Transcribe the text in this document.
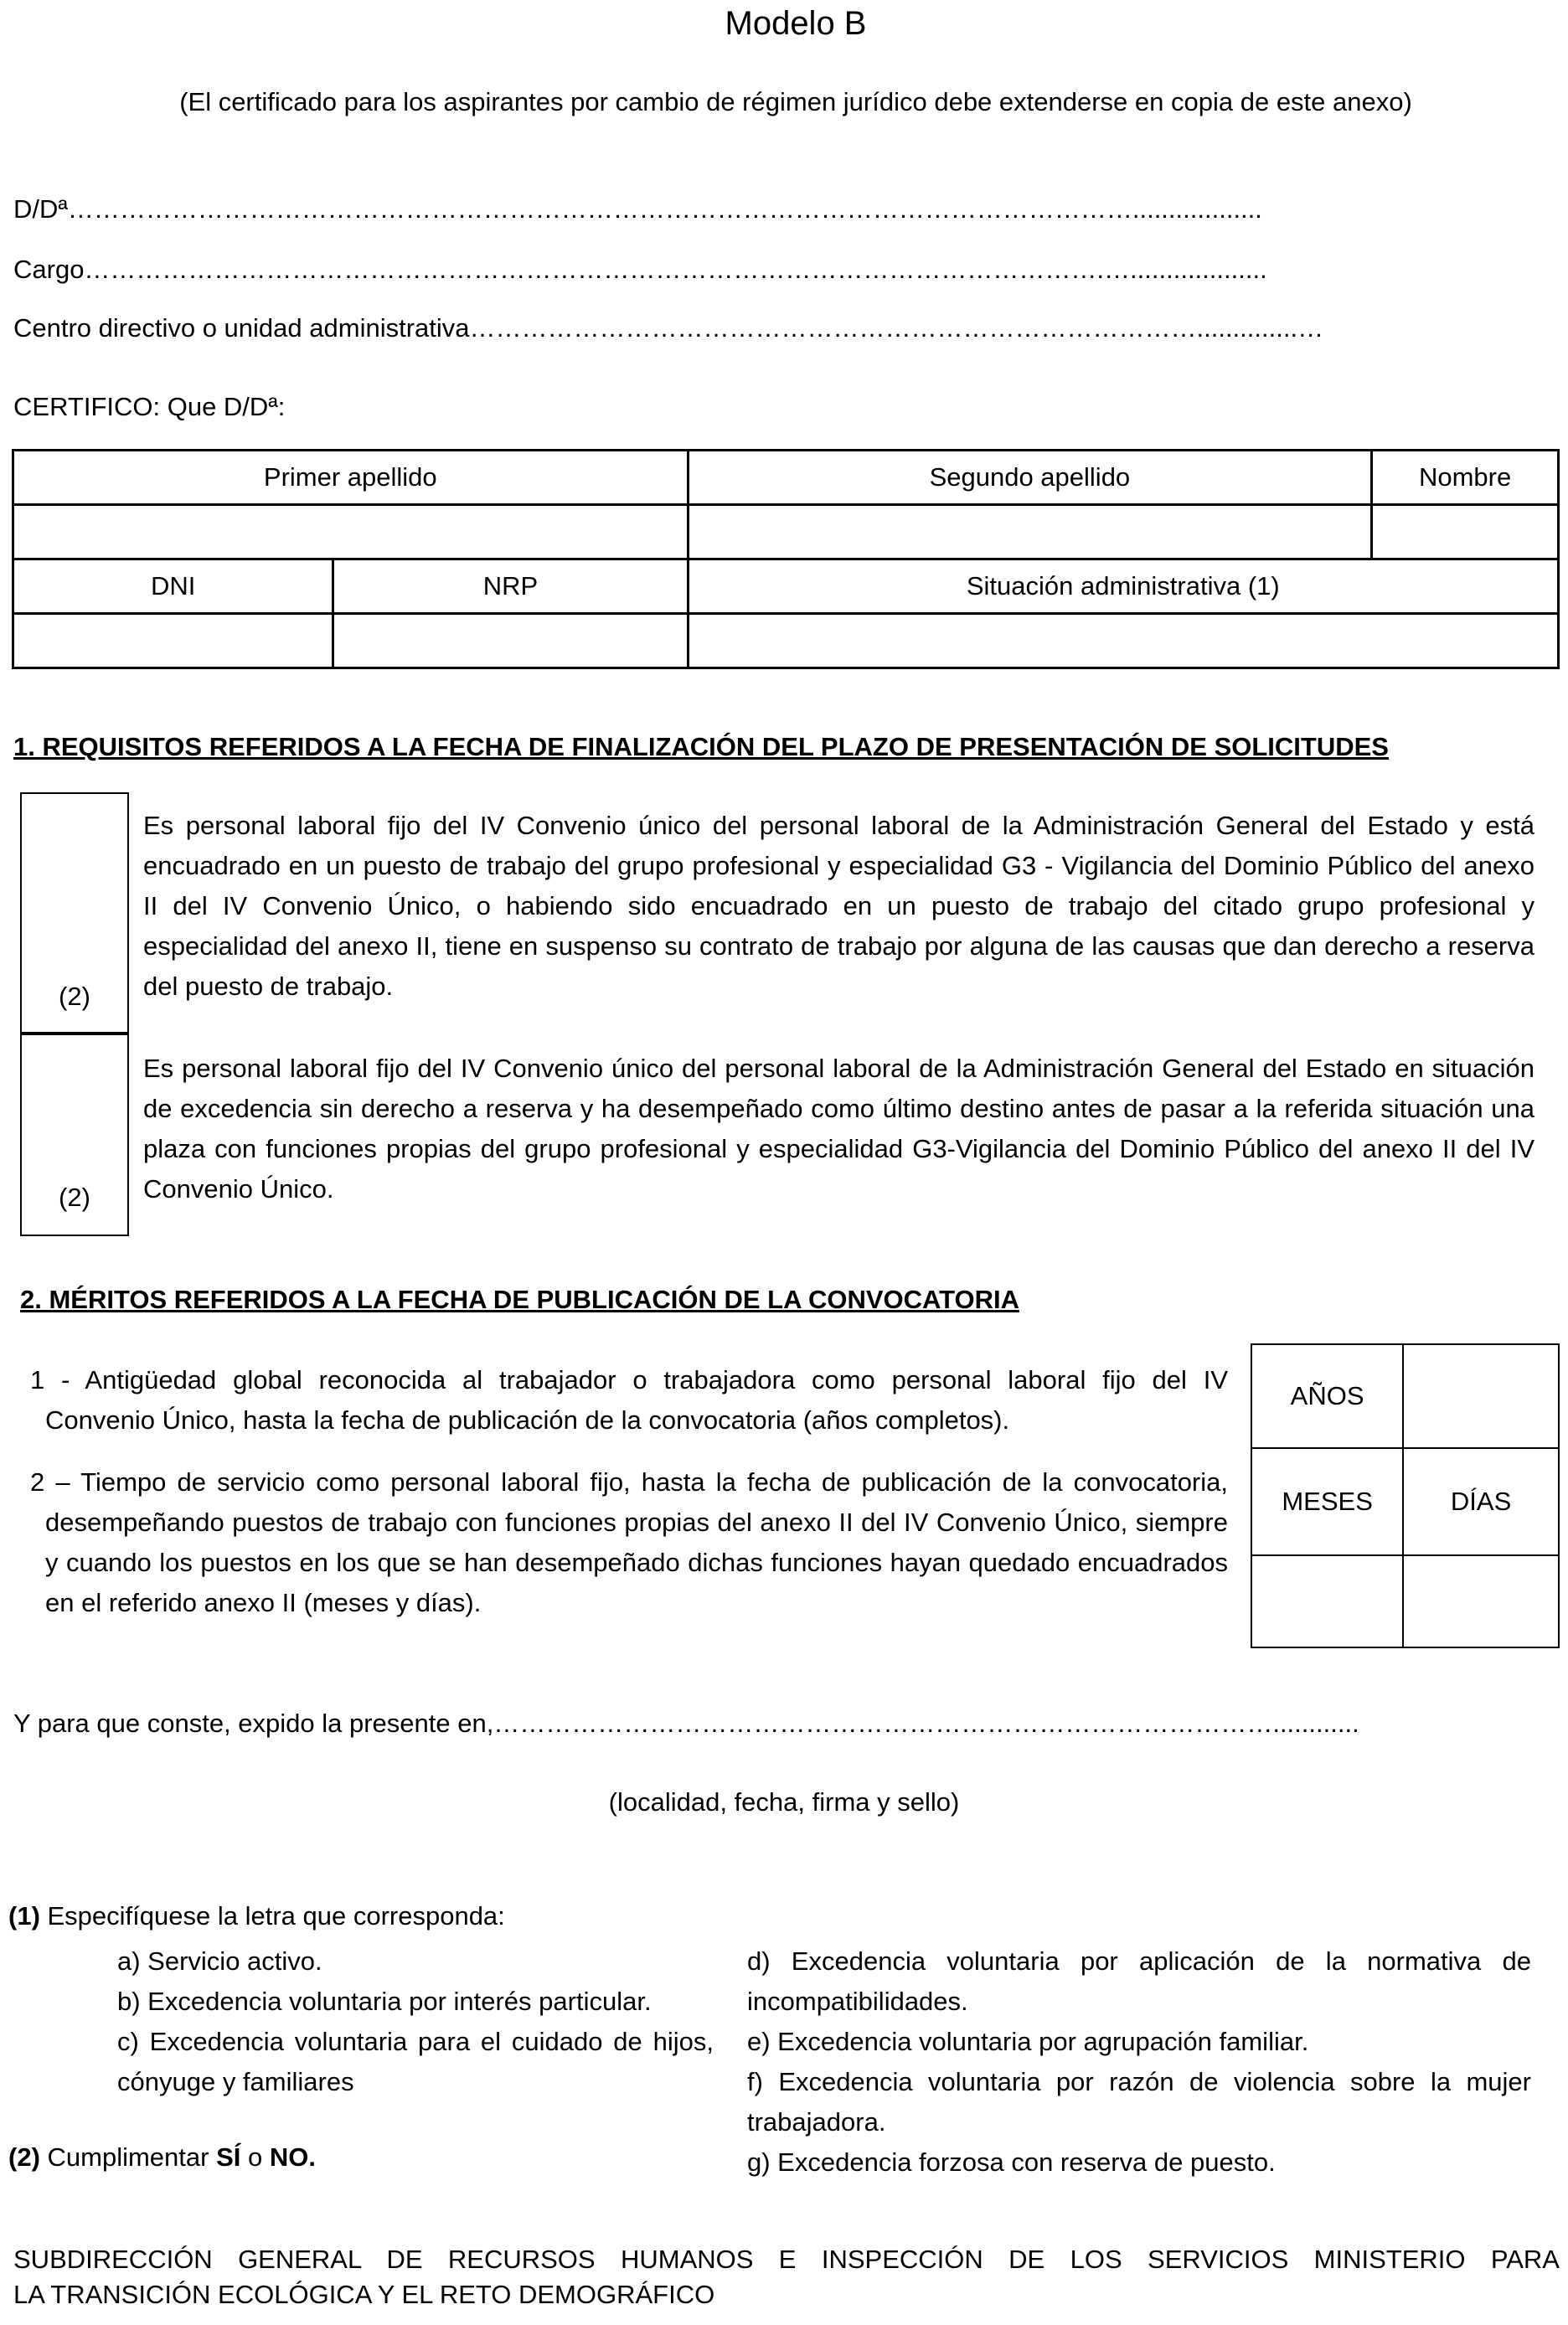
Modelo B
(El certificado para los aspirantes por cambio de régimen jurídico debe extenderse en copia de este anexo)
D/Dª……………………………………………………………………………………………………………..................
Cargo……………………………………………………………………………………………………….…...................
Centro directivo o unidad administrativa…………………………………………………………………………..............…
CERTIFICO: Que D/Dª:
Primer apellido		Segundo apellido	Nombre

DNI	NRP	Situación administrativa (1)	

1. REQUISITOS REFERIDOS A LA FECHA DE FINALIZACIÓN DEL PLAZO DE PRESENTACIÓN DE SOLICITUDES
(2)
Es personal laboral fijo del IV Convenio único del personal laboral de la Administración General del Estado y está encuadrado en un puesto de trabajo del grupo profesional y especialidad G3 - Vigilancia del Dominio Público del anexo II del IV Convenio Único, o habiendo sido encuadrado en un puesto de trabajo del citado grupo profesional y especialidad del anexo II, tiene en suspenso su contrato de trabajo por alguna de las causas que dan derecho a reserva del puesto de trabajo.
(2)
Es personal laboral fijo del IV Convenio único del personal laboral de la Administración General del Estado en situación de excedencia sin derecho a reserva y ha desempeñado como último destino antes de pasar a la referida situación una plaza con funciones propias del grupo profesional y especialidad G3-Vigilancia del Dominio Público del anexo II del IV Convenio Único.
2. MÉRITOS REFERIDOS A LA FECHA DE PUBLICACIÓN DE LA CONVOCATORIA
1 - Antigüedad global reconocida al trabajador o trabajadora como personal laboral fijo del IV
Convenio Único, hasta la fecha de publicación de la convocatoria (años completos).
2 – Tiempo de servicio como personal laboral fijo, hasta la fecha de publicación de la convocatoria,
desempeñando puestos de trabajo con funciones propias del anexo II del IV Convenio Único, siempre y cuando los puestos en los que se han desempeñado dichas funciones hayan quedado encuadrados en el referido anexo II (meses y días).
AÑOS	
MESES	DÍAS

Y para que conste, expido la presente en,………………………………………………………………………………............
(localidad, fecha, firma y sello)
(1) Especifíquese la letra que corresponda:
a) Servicio activo.
b) Excedencia voluntaria por interés particular.
c) Excedencia voluntaria para el cuidado de hijos, cónyuge y familiares
d) Excedencia voluntaria por aplicación de la normativa de incompatibilidades.
e) Excedencia voluntaria por agrupación familiar.
f) Excedencia voluntaria por razón de violencia sobre la mujer trabajadora.
g) Excedencia forzosa con reserva de puesto.
(2) Cumplimentar SÍ o NO.
SUBDIRECCIÓN GENERAL DE RECURSOS HUMANOS E INSPECCIÓN DE LOS SERVICIOS MINISTERIO PARA
LA TRANSICIÓN ECOLÓGICA Y EL RETO DEMOGRÁFICO
